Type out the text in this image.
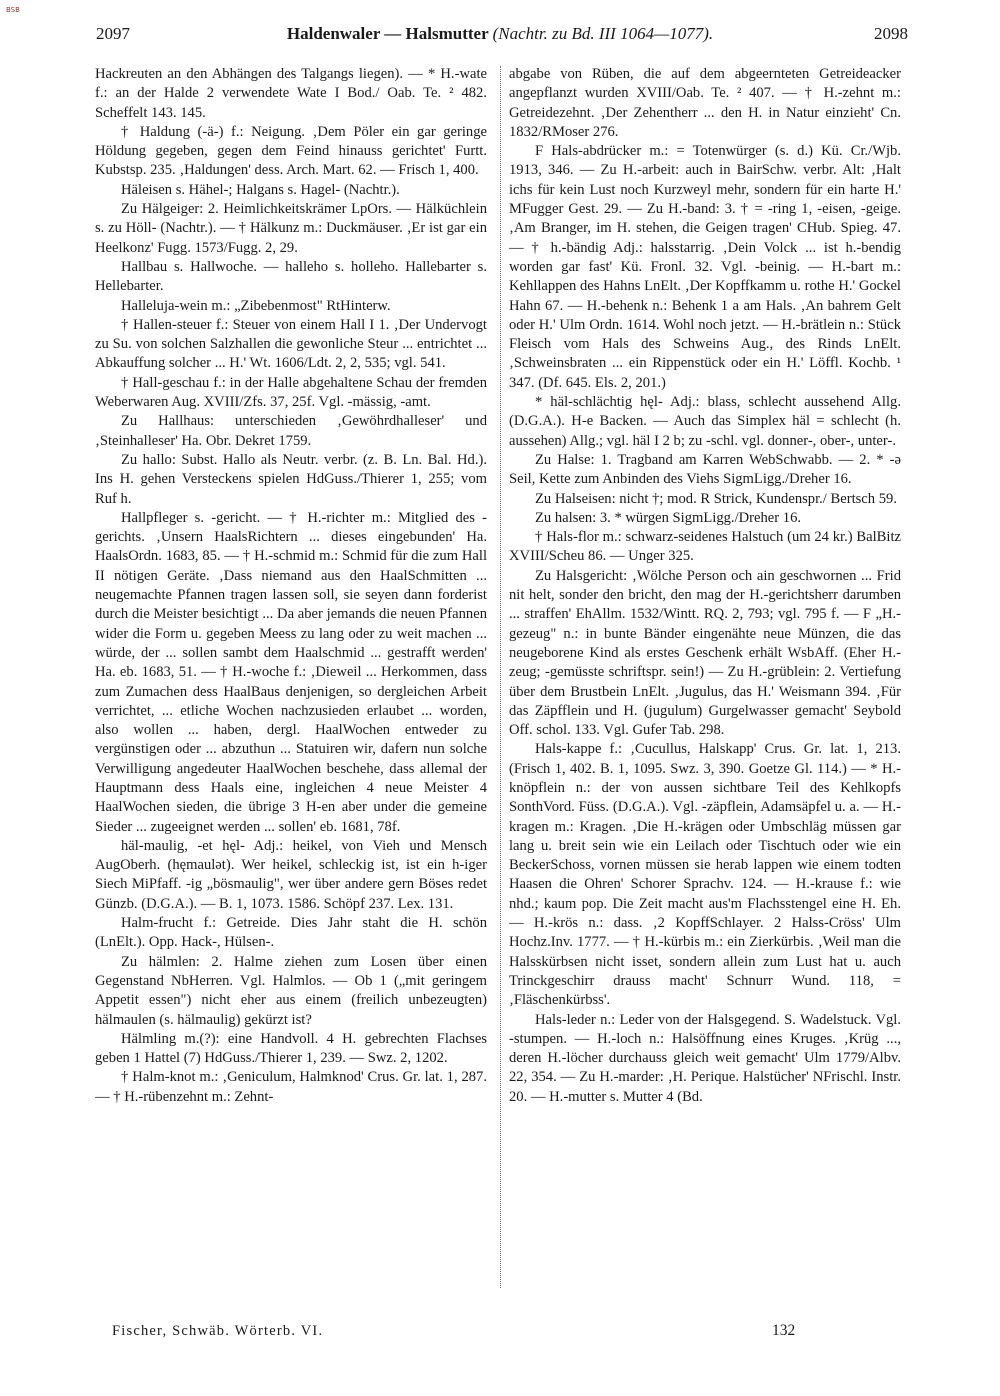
BSB
2097	Haldenwaler — Halsmutter (Nachtr. zu Bd. III 1064—1077).	2098

Hackreuten an den Abhängen des Talgangs liegen). — * H.-wate f.: an der Halde 2 verwendete Wate I Bod./ Oab. Te. ² 482. Scheffelt 143. 145.

† Haldung (-ä-) f.: Neigung. ‚Dem Pöler ein gar geringe Höldung gegeben, gegen dem Feind hinauss gerichtet' Furtt. Kubstsp. 235. ‚Haldungen' dess. Arch. Mart. 62. — Frisch 1, 400.

Häleisen s. Hähel-; Halgans s. Hagel- (Nachtr.).

Zu Hälgeiger: 2. Heimlichkeitskrämer LpOrs. — Hälküchlein s. zu Höll- (Nachtr.). — † Hälkunz m.: Duckmäuser. ‚Er ist gar ein Heelkonz' Fugg. 1573/Fugg. 2, 29.

Hallbau s. Hallwoche. — halleho s. holleho. Hallebarter s. Hellebarter.

Halleluja-wein m.: „Zibebenmost" RtHinterw.

† Hallen-steuer f.: Steuer von einem Hall I 1. ‚Der Undervogt zu Su. von solchen Salzhallen die gewonliche Steur ... entrichtet ... Abkauffung solcher ... H.' Wt. 1606/Ldt. 2, 2, 535; vgl. 541.

† Hall-geschau f.: in der Halle abgehaltene Schau der fremden Weberwaren Aug. XVIII/Zfs. 37, 25f. Vgl. -mässig, -amt.

Zu Hallhaus: unterschieden ‚Gewöhrdhalleser' und ‚Steinhalleser' Ha. Obr. Dekret 1759.

Zu hallo: Subst. Hallo als Neutr. verbr. (z. B. Ln. Bal. Hd.). Ins H. gehen Versteckens spielen HdGuss./Thierer 1, 255; vom Ruf h.

Hallpfleger s. -gericht. — † H.-richter m.: Mitglied des -gerichts. ‚Unsern HaalsRichtern ... dieses eingebunden' Ha. HaalsOrdn. 1683, 85. — † H.-schmid m.: Schmid für die zum Hall II nötigen Geräte. ‚Dass niemand aus den HaalSchmitten ... neugemachte Pfannen tragen lassen soll, sie seyen dann forderist durch die Meister besichtigt ... Da aber jemands die neuen Pfannen wider die Form u. gegeben Meess zu lang oder zu weit machen ... würde, der ... sollen sambt dem Haalschmid ... gestrafft werden' Ha. eb. 1683, 51. — † H.-woche f.: ‚Dieweil ... Herkommen, dass zum Zumachen dess HaalBaus denjenigen, so dergleichen Arbeit verrichtet, ... etliche Wochen nachzusieden erlaubet ... worden, also wollen ... haben, dergl. HaalWochen entweder zu vergünstigen oder ... abzuthun ... Statuiren wir, dafern nun solche Verwilligung angedeuter HaalWochen beschehe, dass allemal der Hauptmann dess Haals eine, ingleichen 4 neue Meister 4 HaalWochen sieden, die übrige 3 H-en aber under die gemeine Sieder ... zugeeignet werden ... sollen' eb. 1681, 78f.

häl-maulig, -et hęl- Adj.: heikel, von Vieh und Mensch AugOberh. (hęmaulət). Wer heikel, schleckig ist, ist ein h-iger Siech MiPfaff. -ig „bösmaulig", wer über andere gern Böses redet Günzb. (D.G.A.). — B. 1, 1073. 1586. Schöpf 237. Lex. 131.

Halm-frucht f.: Getreide. Dies Jahr staht die H. schön (LnElt.). Opp. Hack-, Hülsen-.

Zu hälmlen: 2. Halme ziehen zum Losen über einen Gegenstand NbHerren. Vgl. Halmlos. — Ob 1 („mit geringem Appetit essen") nicht eher aus einem (freilich unbezeugten) hälmaulen (s. hälmaulig) gekürzt ist?

Hälmling m.(?): eine Handvoll. 4 H. gebrechten Flachses geben 1 Hattel (7) HdGuss./Thierer 1, 239. — Swz. 2, 1202.

† Halm-knot m.: ‚Geniculum, Halmknod' Crus. Gr. lat. 1, 287. — † H.-rübenzehnt m.: Zehnt-

abgabe von Rüben, die auf dem abgeernteten Getreideacker angepflanzt wurden XVIII/Oab. Te. ² 407. — † H.-zehnt m.: Getreidezehnt. ‚Der Zehentherr ... den H. in Natur einzieht' Cn. 1832/RMoser 276.

F Hals-abdrücker m.: = Totenwürger (s. d.) Kü. Cr./Wjb. 1913, 346. — Zu H.-arbeit: auch in BairSchw. verbr. Alt: ‚Halt ichs für kein Lust noch Kurzweyl mehr, sondern für ein harte H.' MFugger Gest. 29. — Zu H.-band: 3. † = -ring 1, -eisen, -geige. ‚Am Branger, im H. stehen, die Geigen tragen' CHub. Spieg. 47. — † h.-bändig Adj.: halsstarrig. ‚Dein Volck ... ist h.-bendig worden gar fast' Kü. Fronl. 32. Vgl. -beinig. — H.-bart m.: Kehllappen des Hahns LnElt. ‚Der Kopffkamm u. rothe H.' Gockel Hahn 67. — H.-behenk n.: Behenk 1 a am Hals. ‚An bahrem Gelt oder H.' Ulm Ordn. 1614. Wohl noch jetzt. — H.-brätlein n.: Stück Fleisch vom Hals des Schweins Aug., des Rinds LnElt. ‚Schweinsbraten ... ein Rippenstück oder ein H.' Löffl. Kochb. ¹ 347. (Df. 645. Els. 2, 201.)

* häl-schlächtig hęl- Adj.: blass, schlecht aussehend Allg. (D.G.A.). H-e Backen. — Auch das Simplex häl = schlecht (h. aussehen) Allg.; vgl. häl I 2 b; zu -schl. vgl. donner-, ober-, unter-.

Zu Halse: 1. Tragband am Karren WebSchwabb. — 2. * -ə Seil, Kette zum Anbinden des Viehs SigmLigg./Dreher 16.

Zu Halseisen: nicht †; mod. R Strick, Kundenspr./ Bertsch 59.

Zu halsen: 3. * würgen SigmLigg./Dreher 16.

† Hals-flor m.: schwarz-seidenes Halstuch (um 24 kr.) BalBitz XVIII/Scheu 86. — Unger 325.

Zu Halsgericht: ‚Wölche Person och ain geschwornen ... Frid nit helt, sonder den bricht, den mag der H.-gerichtsherr darumben ... straffen' EhAllm. 1532/Wintt. RQ. 2, 793; vgl. 795 f. — F „H.-gezeug" n.: in bunte Bänder eingenähte neue Münzen, die das neugeborene Kind als erstes Geschenk erhält WsbAff. (Eher H.-zeug; -gemüsste schriftspr. sein!) — Zu H.-grüblein: 2. Vertiefung über dem Brustbein LnElt. ‚Jugulus, das H.' Weismann 394. ‚Für das Zäpfflein und H. (jugulum) Gurgelwasser gemacht' Seybold Off. schol. 133. Vgl. Gufer Tab. 298.

Hals-kappe f.: ‚Cucullus, Halskapp' Crus. Gr. lat. 1, 213. (Frisch 1, 402. B. 1, 1095. Swz. 3, 390. Goetze Gl. 114.) — * H.-knöpflein n.: der von aussen sichtbare Teil des Kehlkopfs SonthVord. Füss. (D.G.A.). Vgl. -zäpflein, Adamsäpfel u. a. — H.-kragen m.: Kragen. ‚Die H.-krägen oder Umbschläg müssen gar lang u. breit sein wie ein Leilach oder Tischtuch oder wie ein BeckerSchoss, vornen müssen sie herab lappen wie einem todten Haasen die Ohren' Schorer Sprachv. 124. — H.-krause f.: wie nhd.; kaum pop. Die Zeit macht aus'm Flachsstengel eine H. Eh. — H.-krös n.: dass. ‚2 KopffSchlayer. 2 Halss-Cröss' Ulm Hochz.Inv. 1777. — † H.-kürbis m.: ein Zierkürbis. ‚Weil man die Halsskürbsen nicht isset, sondern allein zum Lust hat u. auch Trinckgeschirr drauss macht' Schnurr Wund. 118, = ‚Fläschenkürbss'.

Hals-leder n.: Leder von der Halsgegend. S. Wadelstuck. Vgl. -stumpen. — H.-loch n.: Halsöffnung eines Kruges. ‚Krüg ..., deren H.-löcher durchauss gleich weit gemacht' Ulm 1779/Albv. 22, 354. — Zu H.-marder: ‚H. Perique. Halstücher' NFrischl. Instr. 20. — H.-mutter s. Mutter 4 (Bd.

Fischer, Schwäb. Wörterb. VI.	132
